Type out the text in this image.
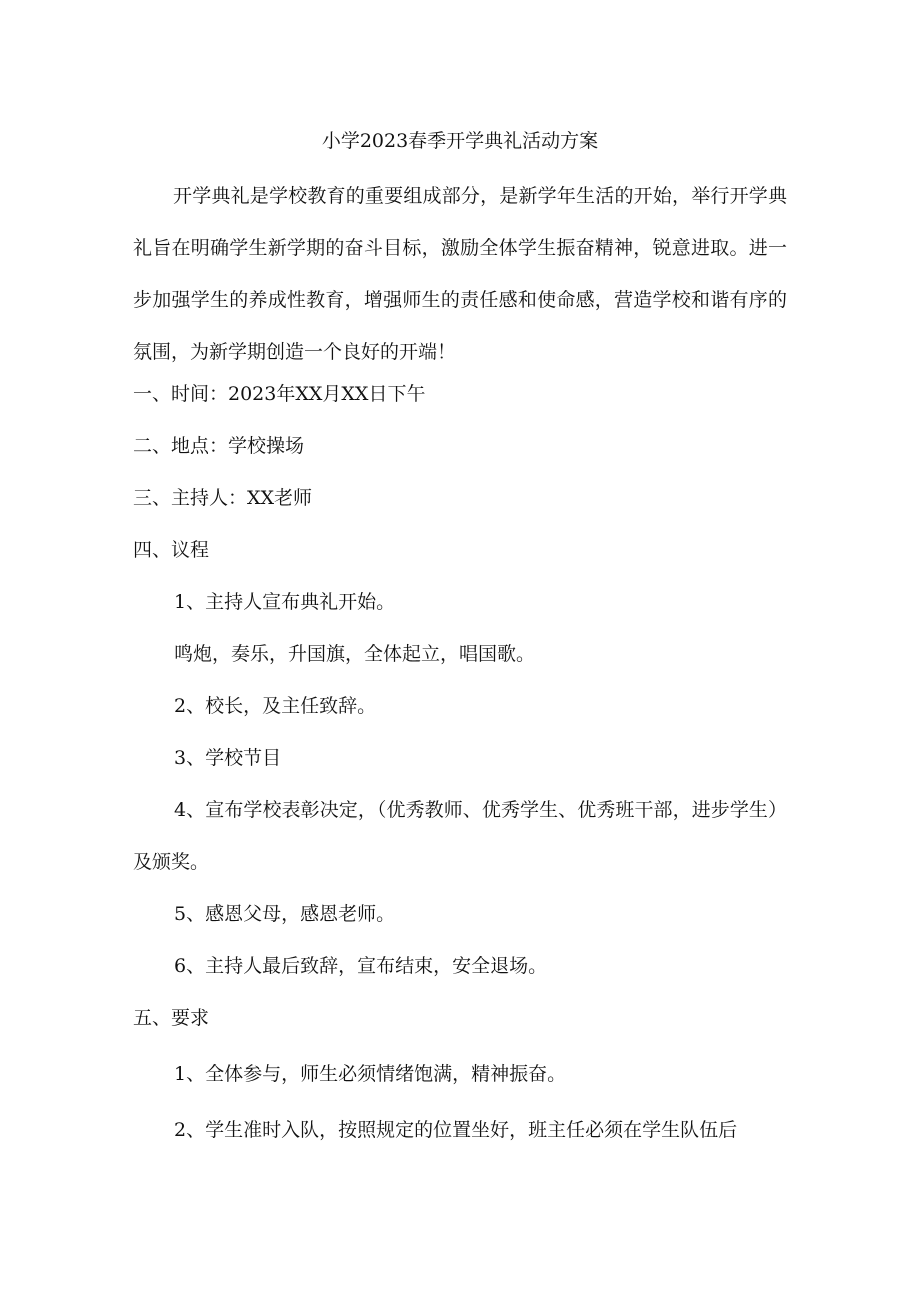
小学2023春季开学典礼活动方案

开学典礼是学校教育的重要组成部分，是新学年生活的开始，举行开学典礼旨在明确学生新学期的奋斗目标，激励全体学生振奋精神，锐意进取。进一步加强学生的养成性教育，增强师生的责任感和使命感，营造学校和谐有序的氛围，为新学期创造一个良好的开端！

一、时间：2023年XX月XX日下午

二、地点：学校操场

三、主持人：XX老师

四、议程

1、主持人宣布典礼开始。

鸣炮，奏乐，升国旗，全体起立，唱国歌。

2、校长，及主任致辞。

3、学校节目

4、宣布学校表彰决定，（优秀教师、优秀学生、优秀班干部，进步学生）及颁奖。

5、感恩父母，感恩老师。

6、主持人最后致辞，宣布结束，安全退场。

五、要求

1、全体参与，师生必须情绪饱满，精神振奋。

2、学生准时入队，按照规定的位置坐好，班主任必须在学生队伍后
